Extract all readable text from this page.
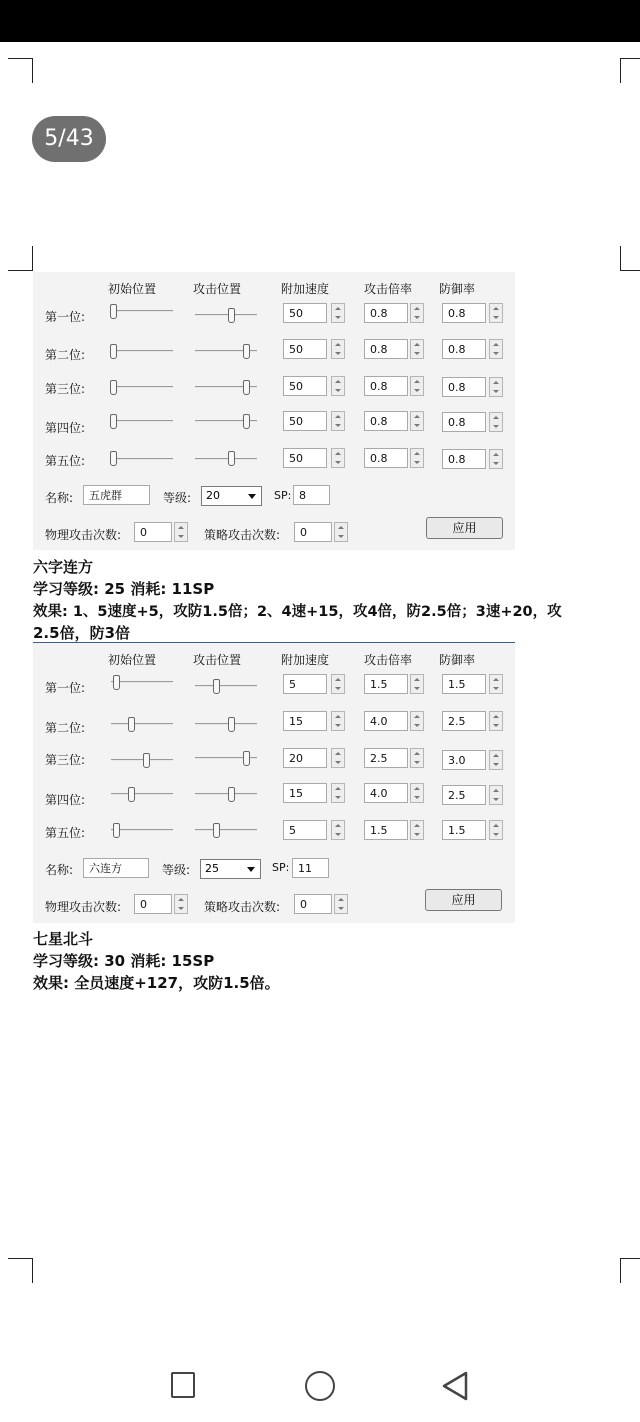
5/43
初始位置	攻击位置	附加速度	攻击倍率 防御率
第一位:	50	0.8	0.8
第二位:	50	0.8	0.8
第三位:	50	0.8	0.8
第四位:	50	0.8	0.8
第五位:	50	0.8	0.8
名称:	五虎群	等级:	20	SP: 8
物理攻击次数:	0	策略攻击次数:	0	应用
六字连方
学习等级: 25 消耗: 11SP
效果: 1、5速度+5，攻防1.5倍；2、4速+15，攻4倍，防2.5倍；3速+20，攻
2.5倍，防3倍
初始位置	攻击位置	附加速度	攻击倍率 防御率
第一位:	5	1.5	1.5
第二位:	15	4.0	2.5
第三位:	20	2.5	3.0
第四位:	15	4.0	2.5
第五位:	5	1.5	1.5
名称:	六连方	等级:	25	SP: 11
物理攻击次数:	0	策略攻击次数:	0	应用
七星北斗
学习等级: 30 消耗: 15SP
效果: 全员速度+127，攻防1.5倍。
